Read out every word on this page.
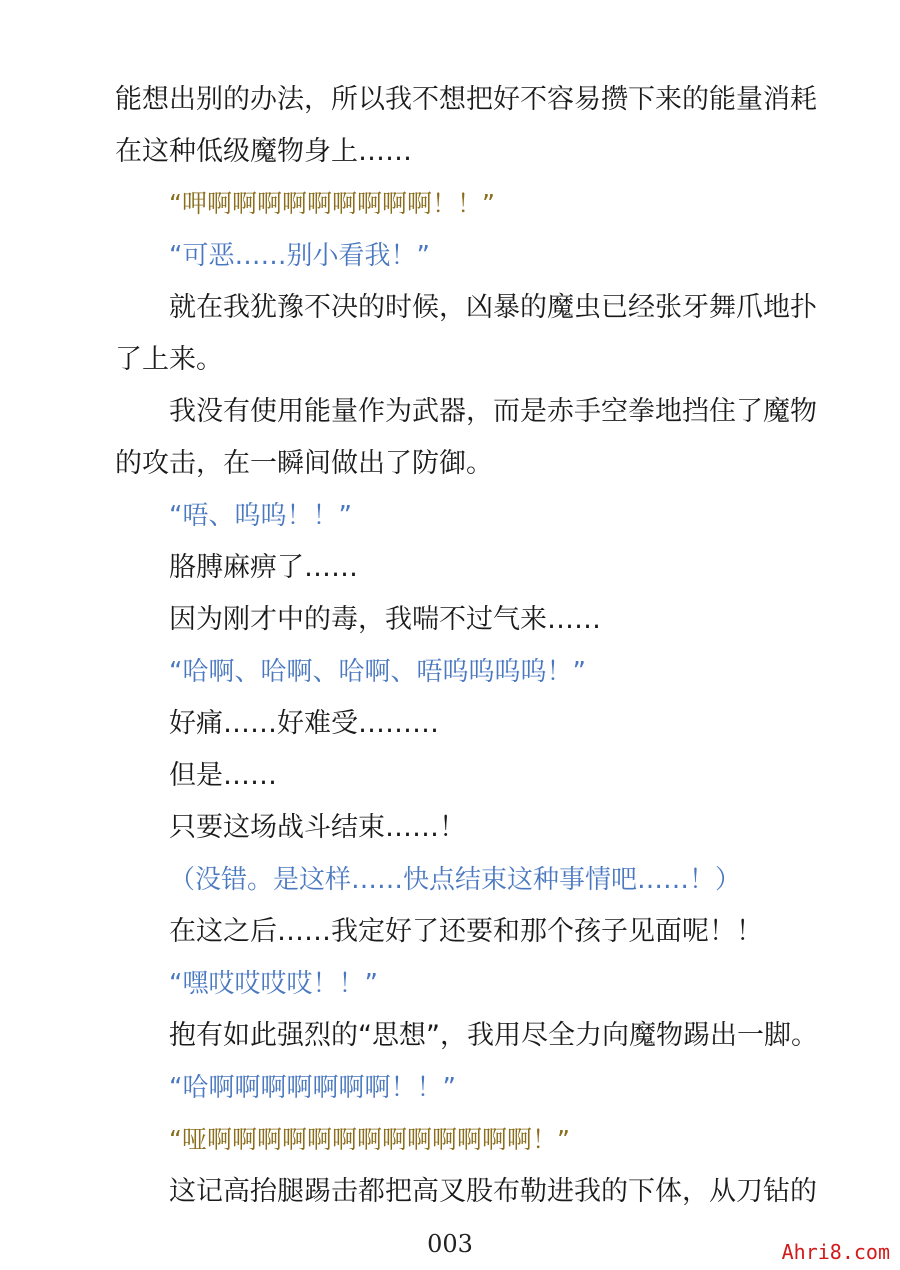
能想出别的办法，所以我不想把好不容易攒下来的能量消耗
在这种低级魔物身上……
“呷啊啊啊啊啊啊啊啊啊！！”
“可恶……别小看我！”
就在我犹豫不决的时候，凶暴的魔虫已经张牙舞爪地扑
了上来。
我没有使用能量作为武器，而是赤手空拳地挡住了魔物
的攻击，在一瞬间做出了防御。
“唔、呜呜！！”
胳膊麻痹了……
因为刚才中的毒，我喘不过气来……
“哈啊、哈啊、哈啊、唔呜呜呜呜！”
好痛……好难受………
但是……
只要这场战斗结束……！
（没错。是这样……快点结束这种事情吧……！）
在这之后……我定好了还要和那个孩子见面呢！！
“嘿哎哎哎哎！！”
抱有如此强烈的“思想”，我用尽全力向魔物踢出一脚。
“哈啊啊啊啊啊啊啊！！”
“哑啊啊啊啊啊啊啊啊啊啊啊啊啊！”
这记高抬腿踢击都把高叉股布勒进我的下体，从刀钻的
003	Ahri8.com
